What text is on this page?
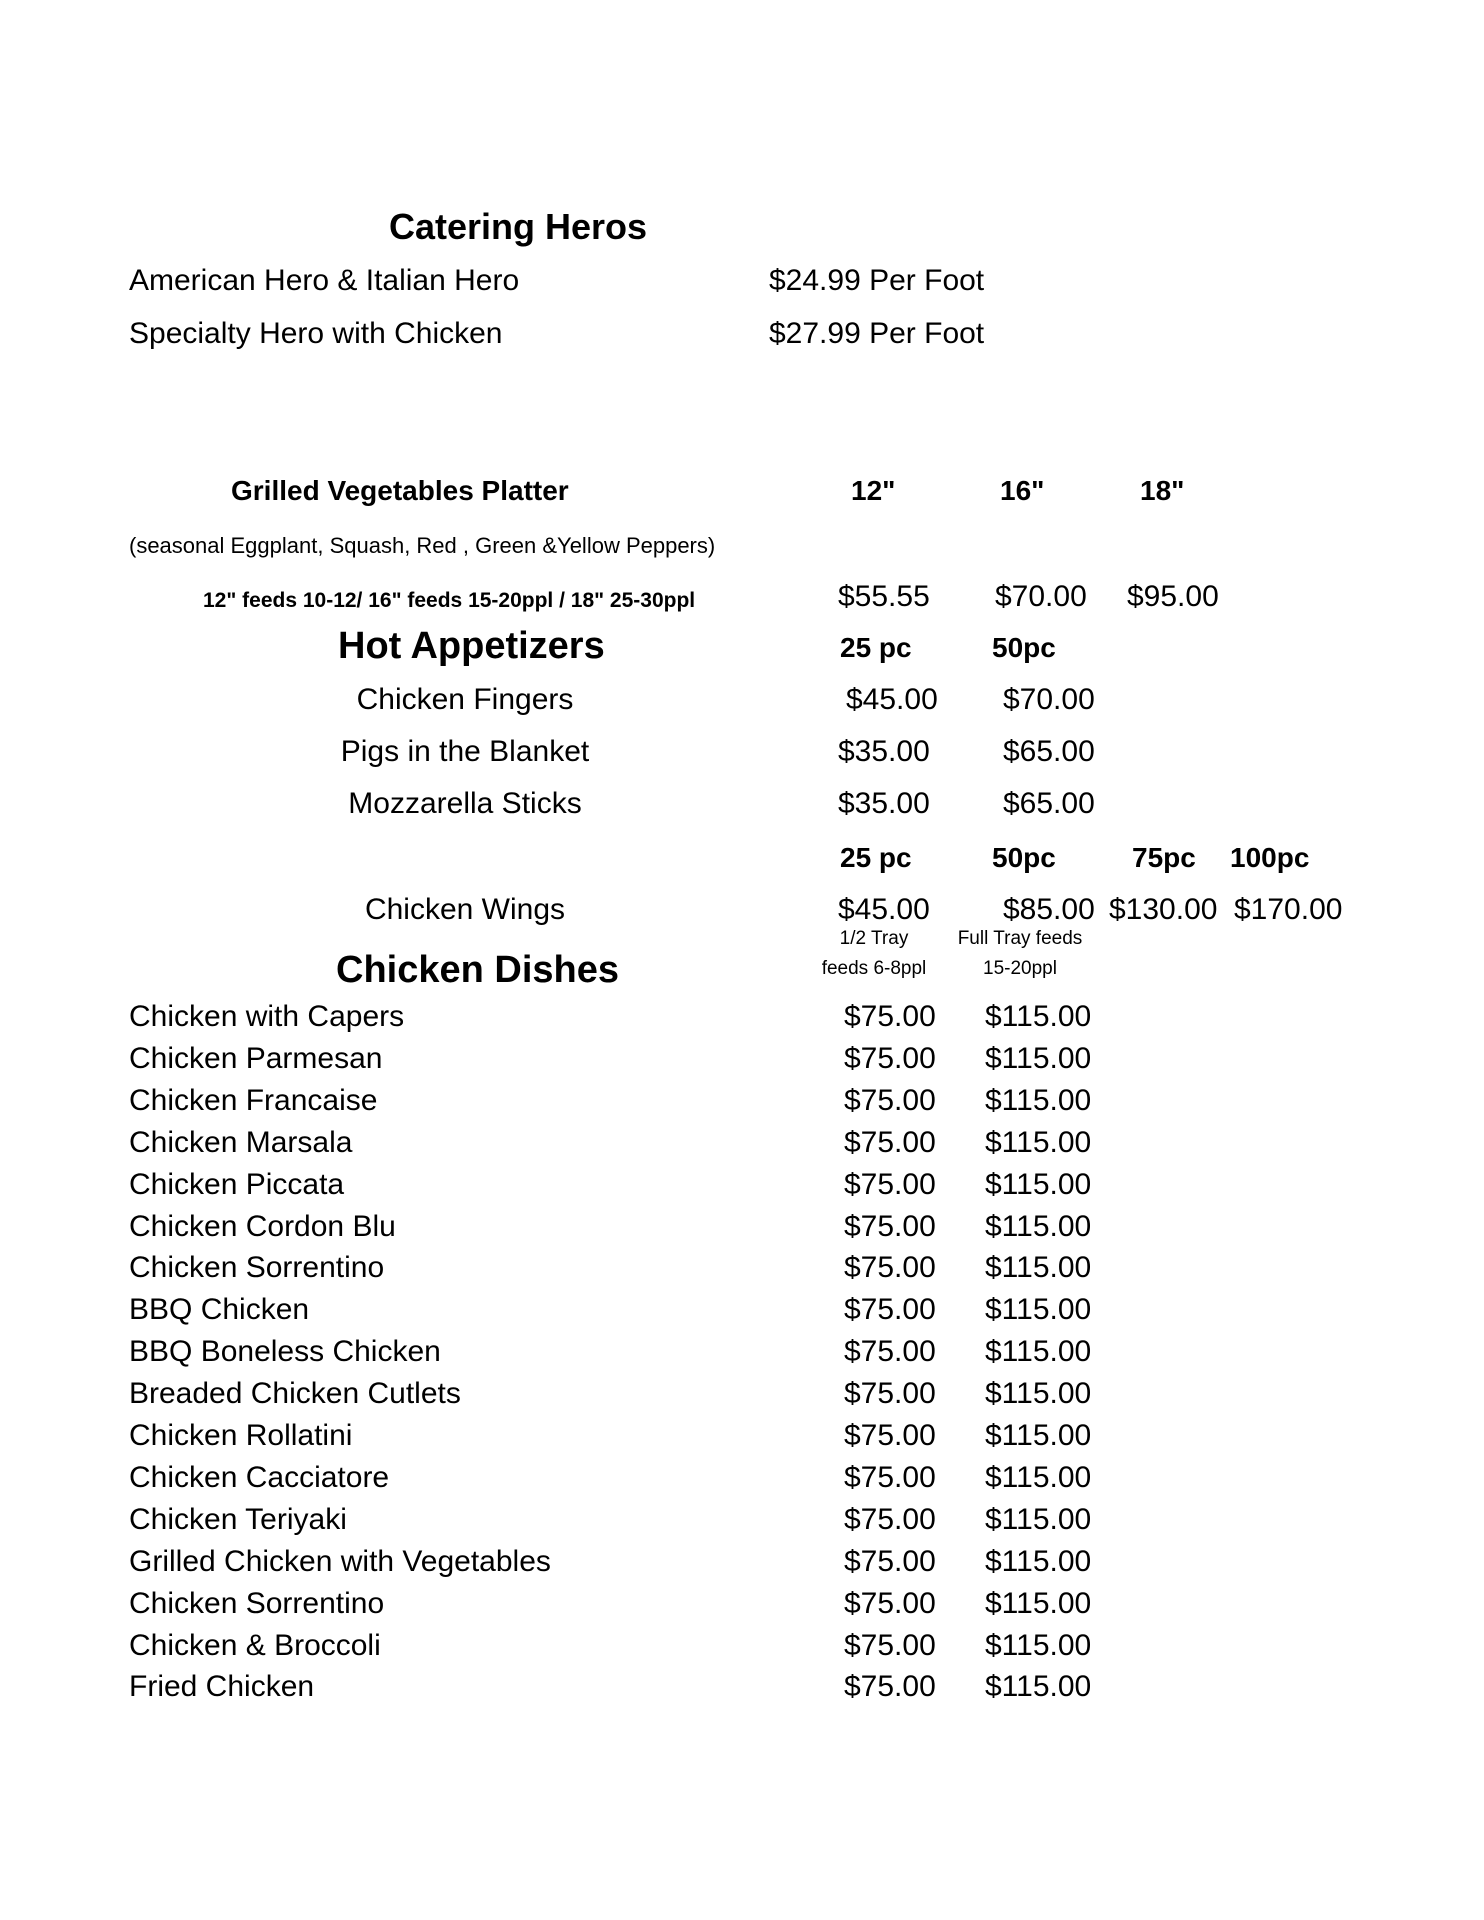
Catering Heros
American Hero & Italian Hero	$24.99 Per Foot
Specialty Hero with Chicken	$27.99 Per Foot
Grilled Vegetables Platter	12"	16"	18"
(seasonal Eggplant, Squash, Red , Green &Yellow Peppers)
12" feeds 10-12/ 16" feeds 15-20ppl / 18" 25-30ppl	$55.55 $70.00 $95.00
Hot Appetizers	25 pc	50pc
Chicken Fingers	$45.00 $70.00
Pigs in the Blanket	$35.00 $65.00
Mozzarella Sticks	$35.00 $65.00
25 pc	50pc	75pc 100pc
Chicken Wings	$45.00 $85.00 $130.00 $170.00
Chicken Dishes
1/2 Tray
feeds 6-8ppl
Full Tray feeds
15-20ppl
Chicken with Capers	$75.00 $115.00
Chicken Parmesan	$75.00 $115.00
Chicken Francaise	$75.00 $115.00
Chicken Marsala	$75.00 $115.00
Chicken Piccata	$75.00 $115.00
Chicken Cordon Blu	$75.00 $115.00
Chicken Sorrentino	$75.00 $115.00
BBQ Chicken	$75.00 $115.00
BBQ Boneless Chicken	$75.00 $115.00
Breaded Chicken Cutlets	$75.00 $115.00
Chicken Rollatini	$75.00 $115.00
Chicken Cacciatore	$75.00 $115.00
Chicken Teriyaki	$75.00 $115.00
Grilled Chicken with Vegetables	$75.00 $115.00
Chicken Sorrentino	$75.00 $115.00
Chicken & Broccoli	$75.00 $115.00
Fried Chicken	$75.00 $115.00
